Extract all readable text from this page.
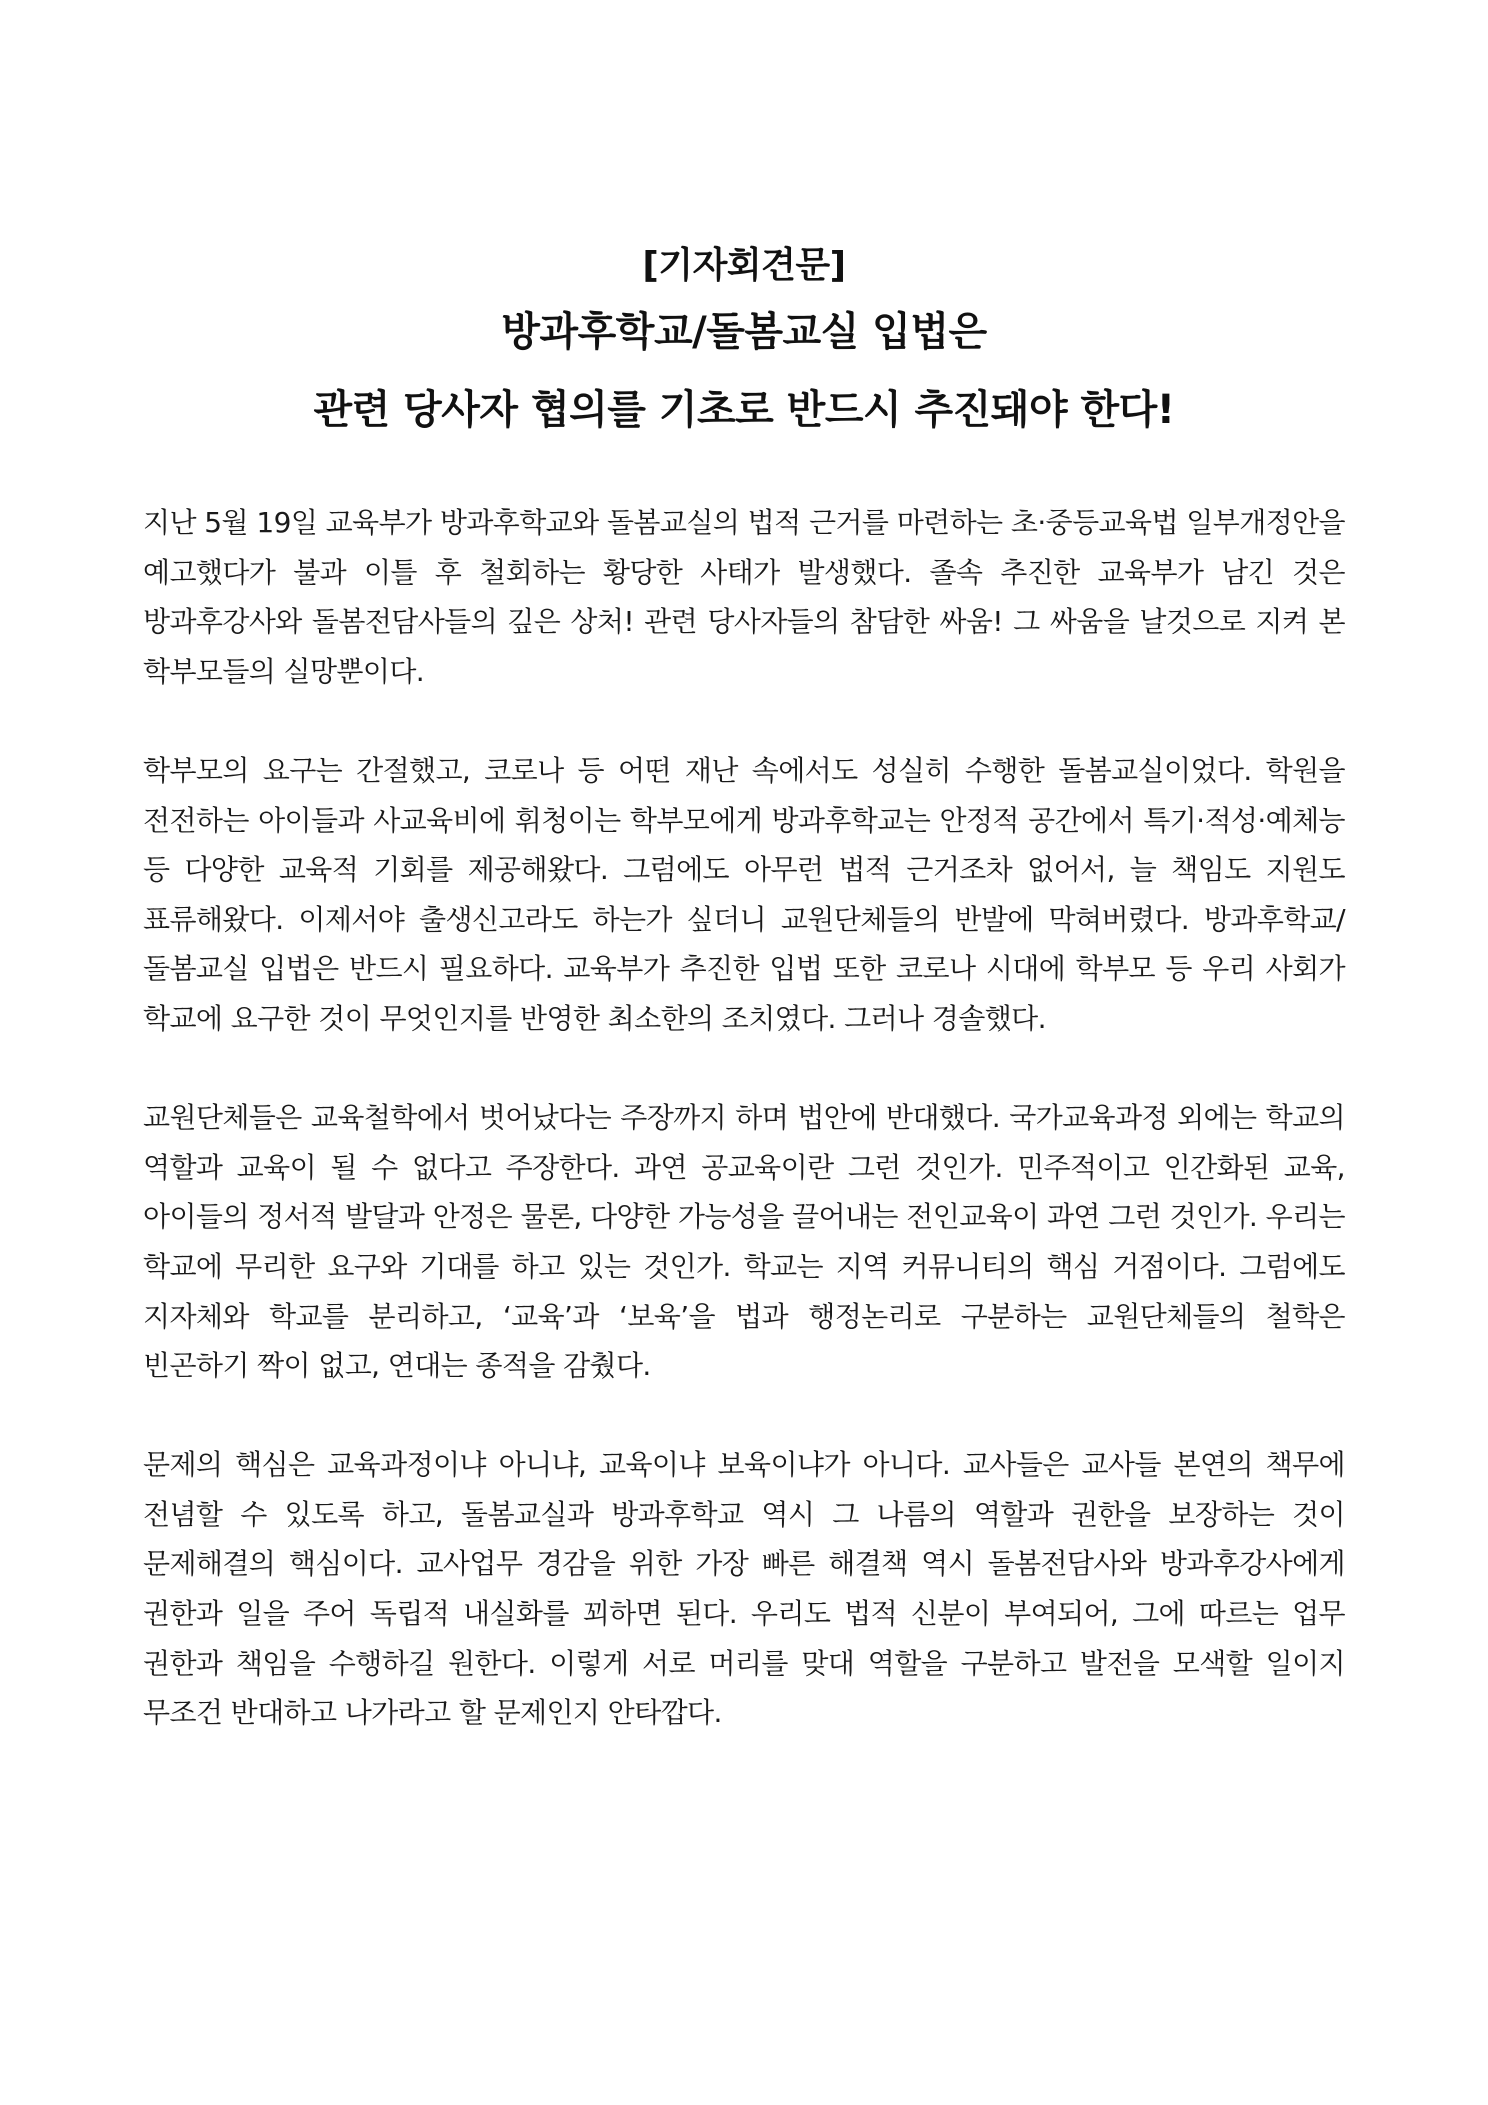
[기자회견문]
방과후학교/돌봄교실 입법은
관련 당사자 협의를 기초로 반드시 추진돼야 한다!

지난 5월 19일 교육부가 방과후학교와 돌봄교실의 법적 근거를 마련하는 초·중등교육법 일부개정안을 예고했다가 불과 이틀 후 철회하는 황당한 사태가 발생했다. 졸속 추진한 교육부가 남긴 것은 방과후강사와 돌봄전담사들의 깊은 상처! 관련 당사자들의 참담한 싸움! 그 싸움을 날것으로 지켜 본 학부모들의 실망뿐이다.

학부모의 요구는 간절했고, 코로나 등 어떤 재난 속에서도 성실히 수행한 돌봄교실이었다. 학원을 전전하는 아이들과 사교육비에 휘청이는 학부모에게 방과후학교는 안정적 공간에서 특기·적성·예체능 등 다양한 교육적 기회를 제공해왔다. 그럼에도 아무런 법적 근거조차 없어서, 늘 책임도 지원도 표류해왔다. 이제서야 출생신고라도 하는가 싶더니 교원단체들의 반발에 막혀버렸다. 방과후학교/돌봄교실 입법은 반드시 필요하다. 교육부가 추진한 입법 또한 코로나 시대에 학부모 등 우리 사회가 학교에 요구한 것이 무엇인지를 반영한 최소한의 조치였다. 그러나 경솔했다.

교원단체들은 교육철학에서 벗어났다는 주장까지 하며 법안에 반대했다. 국가교육과정 외에는 학교의 역할과 교육이 될 수 없다고 주장한다. 과연 공교육이란 그런 것인가. 민주적이고 인간화된 교육, 아이들의 정서적 발달과 안정은 물론, 다양한 가능성을 끌어내는 전인교육이 과연 그런 것인가. 우리는 학교에 무리한 요구와 기대를 하고 있는 것인가. 학교는 지역 커뮤니티의 핵심 거점이다. 그럼에도 지자체와 학교를 분리하고, ‘교육’과 ‘보육’을 법과 행정논리로 구분하는 교원단체들의 철학은 빈곤하기 짝이 없고, 연대는 종적을 감췄다.

문제의 핵심은 교육과정이냐 아니냐, 교육이냐 보육이냐가 아니다. 교사들은 교사들 본연의 책무에 전념할 수 있도록 하고, 돌봄교실과 방과후학교 역시 그 나름의 역할과 권한을 보장하는 것이 문제해결의 핵심이다. 교사업무 경감을 위한 가장 빠른 해결책 역시 돌봄전담사와 방과후강사에게 권한과 일을 주어 독립적 내실화를 꾀하면 된다. 우리도 법적 신분이 부여되어, 그에 따르는 업무 권한과 책임을 수행하길 원한다. 이렇게 서로 머리를 맞대 역할을 구분하고 발전을 모색할 일이지 무조건 반대하고 나가라고 할 문제인지 안타깝다.
